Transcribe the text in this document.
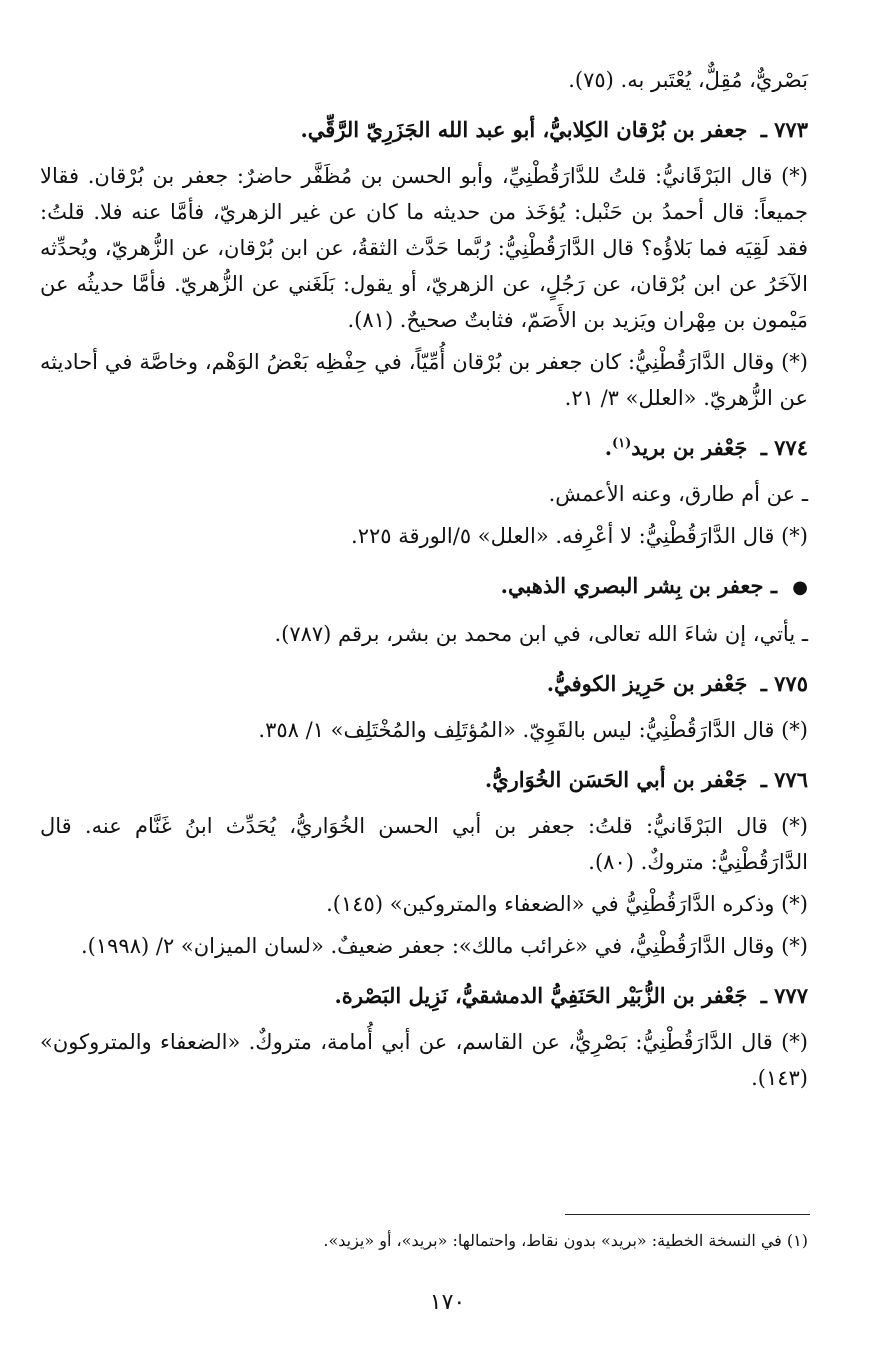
بَصْريٌّ، مُقِلٌّ، يُعْتَبر به. (٧٥).

٧٧٣ ـ جعفر بن بُرْقان الكِلابيُّ، أبو عبد الله الجَزَرِيّ الرَّقِّي.

(*) قال البَرْقَانيُّ: قلتُ للدَّارَقُطْنِيِّ، وأبو الحسن بن مُظَفَّر حاضرٌ: جعفر بن بُرْقان. فقالا جميعاً: قال أحمدُ بن حَنْبل: يُؤخَذ من حديثه ما كان عن غير الزهريّ، فأمَّا عنه فلا. قلتُ: فقد لَقِيَه فما بَلاؤُه؟ قال الدَّارَقُطْنِيُّ: رُبَّما حَدَّث الثقةُ، عن ابن بُرْقان، عن الزُّهريّ، ويُحدِّثه الآخَرُ عن ابن بُرْقان، عن رَجُلٍ، عن الزهريّ، أو يقول: بَلَغَني عن الزُّهريّ. فأمَّا حديثُه عن مَيْمون بن مِهْران ويَزيد بن الأَصَمّ، فثابتٌ صحيحٌ. (٨١).

(*) وقال الدَّارَقُطْنِيُّ: كان جعفر بن بُرْقان أُمِّيّاً، في حِفْظِه بَعْضُ الوَهْم، وخاصَّة في أحاديثه عن الزُّهريّ. «العلل» ٣/ ٢١.

٧٧٤ ـ جَعْفر بن بريد$^{(١)}$.

ـ عن أم طارق، وعنه الأعمش.

(*) قال الدَّارَقُطْنِيُّ: لا أعْرِفه. «العلل» ٥/الورقة ٢٢٥.

● ـ جعفر بن بِشر البصري الذهبي.

ـ يأتي، إن شاءَ الله تعالى، في ابن محمد بن بشر، برقم (٧٨٧).

٧٧٥ ـ جَعْفر بن حَرِيز الكوفيُّ.

(*) قال الدَّارَقُطْنِيُّ: ليس بالقَوِيّ. «المُؤتَلِف والمُخْتَلِف» ١/ ٣٥٨.

٧٧٦ ـ جَعْفر بن أبي الحَسَن الخُوَاريُّ.

(*) قال البَرْقَانيُّ: قلتُ: جعفر بن أبي الحسن الخُوَاريُّ، يُحَدِّث ابنُ غَنَّام عنه. قال الدَّارَقُطْنِيُّ: متروكٌ. (٨٠).

(*) وذكره الدَّارَقُطْنِيُّ في «الضعفاء والمتروكين» (١٤٥).

(*) وقال الدَّارَقُطْنِيُّ، في «غرائب مالك»: جعفر ضعيفٌ. «لسان الميزان» ٢/ (١٩٩٨).

٧٧٧ ـ جَعْفر بن الزُّبَيْر الحَنَفِيُّ الدمشقيُّ، نَزِيل البَصْرة.

(*) قال الدَّارَقُطْنِيُّ: بَصْرِيٌّ، عن القاسم، عن أبي أُمامة، متروكٌ. «الضعفاء والمتروكون» (١٤٣).

(١) في النسخة الخطية: «بريد» بدون نقاط، واحتمالها: «بريد»، أو «يزيد».
١٧٠
